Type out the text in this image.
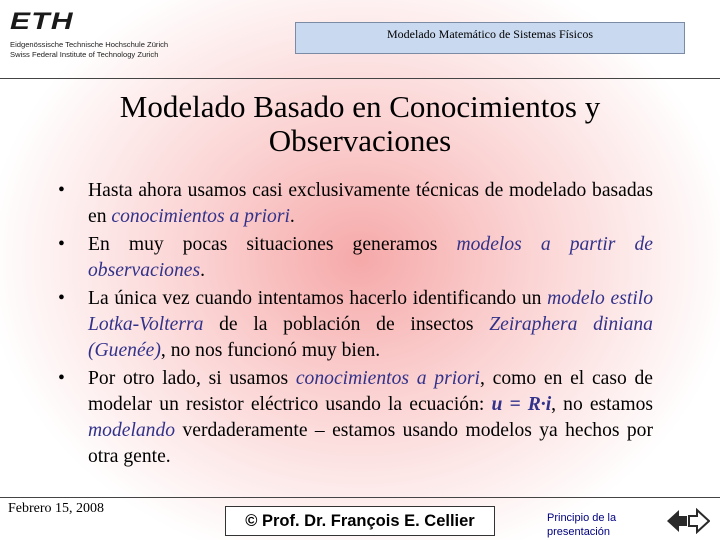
ETH
Eidgenössische Technische Hochschule Zürich
Swiss Federal Institute of Technology Zurich
Modelado Matemático de Sistemas Físicos
Modelado Basado en Conocimientos y
Observaciones
• Hasta ahora usamos casi exclusivamente técnicas de modelado basadas en conocimientos a priori.
• En muy pocas situaciones generamos modelos a partir de observaciones.
• La única vez cuando intentamos hacerlo identificando un modelo estilo Lotka-Volterra de la población de insectos Zeiraphera diniana (Guenée), no nos funcionó muy bien.
• Por otro lado, si usamos conocimientos a priori, como en el caso de modelar un resistor eléctrico usando la ecuación: u = R·i, no estamos modelando verdaderamente – estamos usando modelos ya hechos por otra gente.
Febrero 15, 2008
© Prof. Dr. François E. Cellier	Principio de la presentación
